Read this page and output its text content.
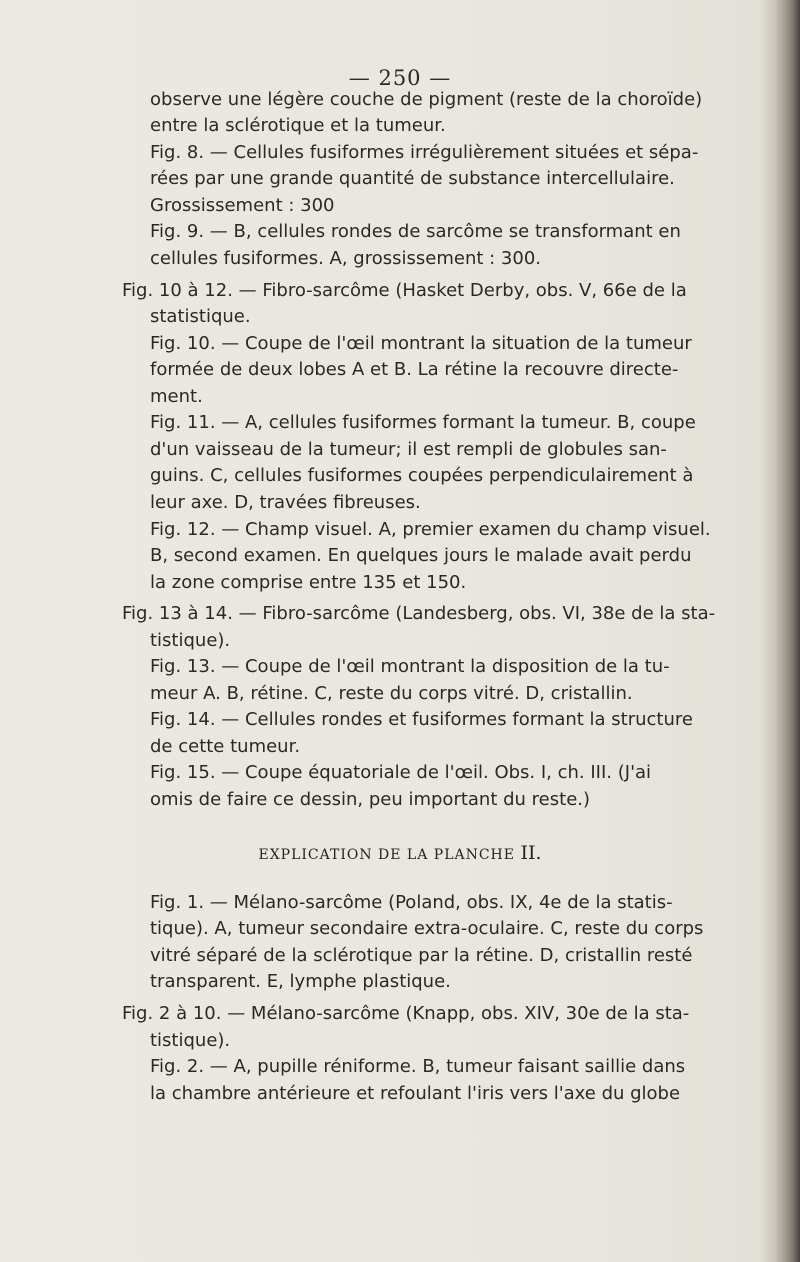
— 250 —
observe une légère couche de pigment (reste de la choroïde)
entre la sclérotique et la tumeur.
Fig. 8. — Cellules fusiformes irrégulièrement situées et sépa-
rées par une grande quantité de substance intercellulaire.
Grossissement : 300
Fig. 9. — B, cellules rondes de sarcôme se transformant en
cellules fusiformes. A, grossissement : 300.
Fig. 10 à 12. — Fibro-sarcôme (Hasket Derby, obs. V, 66e de la
statistique.
Fig. 10. — Coupe de l'œil montrant la situation de la tumeur
formée de deux lobes A et B. La rétine la recouvre directe-
ment.
Fig. 11. — A, cellules fusiformes formant la tumeur. B, coupe
d'un vaisseau de la tumeur; il est rempli de globules san-
guins. C, cellules fusiformes coupées perpendiculairement à
leur axe. D, travées fibreuses.
Fig. 12. — Champ visuel. A, premier examen du champ visuel.
B, second examen. En quelques jours le malade avait perdu
la zone comprise entre 135 et 150.
Fig. 13 à 14. — Fibro-sarcôme (Landesberg, obs. VI, 38e de la sta-
tistique).
Fig. 13. — Coupe de l'œil montrant la disposition de la tu-
meur A. B, rétine. C, reste du corps vitré. D, cristallin.
Fig. 14. — Cellules rondes et fusiformes formant la structure
de cette tumeur.
Fig. 15. — Coupe équatoriale de l'œil. Obs. I, ch. III. (J'ai
omis de faire ce dessin, peu important du reste.)
Fig. 1. — Mélano-sarcôme (Poland, obs. IX, 4e de la statis-
tique). A, tumeur secondaire extra-oculaire. C, reste du corps
vitré séparé de la sclérotique par la rétine. D, cristallin resté
transparent. E, lymphe plastique.
Fig. 2 à 10. — Mélano-sarcôme (Knapp, obs. XIV, 30e de la sta-
tistique).
Fig. 2. — A, pupille réniforme. B, tumeur faisant saillie dans
la chambre antérieure et refoulant l'iris vers l'axe du globe
EXPLICATION DE LA PLANCHE II.
